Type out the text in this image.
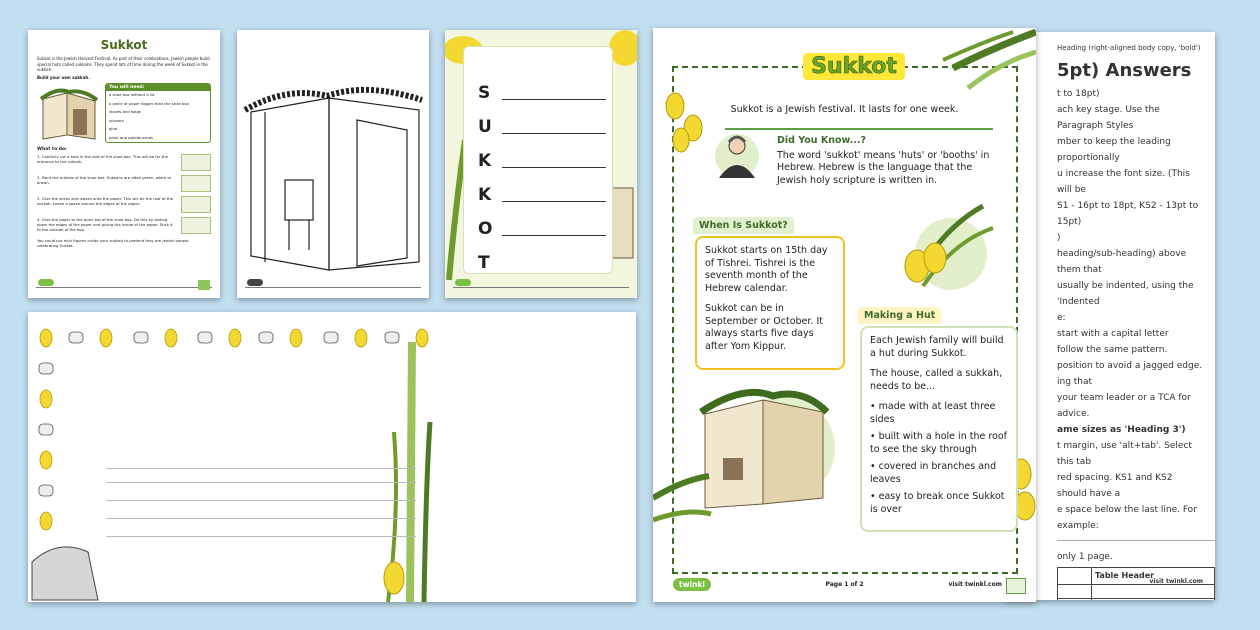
Sukkot
Sukkot is the Jewish Harvest Festival. As part of their celebrations, Jewish people build special huts called sukkahs. They spend lots of time during the week of Sukkot in the sukkah.
Build your own sukkah.
You will need:
a shoe box without a lid
a piece of paper bigger than the shoe box
leaves and twigs
scissors
glue
paint and paintbrushes
What to do:
1. Carefully cut a hole in the side of the shoe box. This will be for the entrance to the sukkah.
2. Paint the outside of the shoe box. Sukkahs are often green, white or brown.
3. Glue the sticks and leaves onto the paper. This will be the roof of the sukkah. Leave a space around the edges of the paper.
4. Glue the paper to the open top of the shoe box. Do this by folding down the edges of the paper and gluing the inside of the paper. Stick it to the outside of the box.
You could put mini figures inside your sukkah to pretend they are Jewish people celebrating Sukkot.
S
U
K
K
O
T
Heading (right-aligned body copy, 'bold')
5pt) Answers
t to 18pt)
ach key stage. Use the Paragraph Styles
mber to keep the leading proportionally
u increase the font size. (This will be
S1 - 16pt to 18pt, KS2 - 13pt to 15pt)
)
heading/sub-heading) above them that
usually be indented, using the 'Indented
e:
start with a capital letter
follow the same pattern.
position to avoid a jagged edge.
ing that
your team leader or a TCA for advice.
ame sizes as 'Heading 3')
t margin, use 'alt+tab'. Select this tab
red spacing. KS1 and KS2 should have a
e space below the last line. For example:
only 1 page.
	Table Header

visit twinkl.com
Sukkot
Sukkot is a Jewish festival. It lasts for one week.
Did You Know...?
The word 'sukkot' means 'huts' or 'booths' in Hebrew. Hebrew is the language that the Jewish holy scripture is written in.
When Is Sukkot?

Sukkot starts on 15th day of Tishrei. Tishrei is the seventh month of the Hebrew calendar.

Sukkot can be in September or October. It always starts five days after Yom Kippur.

Making a Hut

Each Jewish family will build a hut during Sukkot.

The house, called a sukkah, needs to be...

• made with at least three sides
• built with a hole in the roof to see the sky through
• covered in branches and leaves
• easy to break once Sukkot is over
twinkl	Page 1 of 2	visit twinkl.com
